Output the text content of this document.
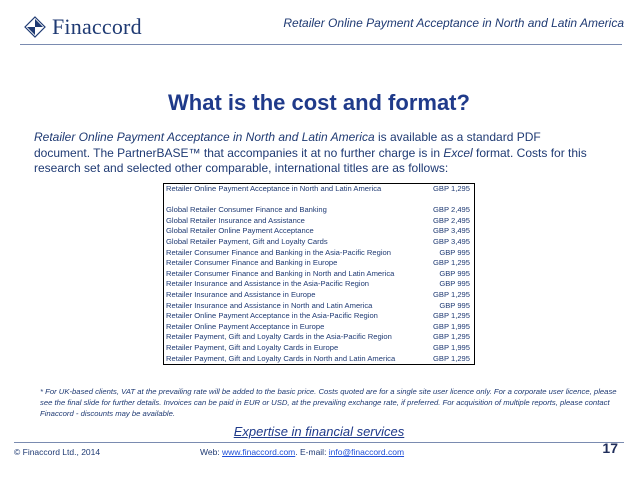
Finaccord	Retailer Online Payment Acceptance in North and Latin America
What is the cost and format?
Retailer Online Payment Acceptance in North and Latin America is available as a standard PDF document. The PartnerBASE™ that accompanies it at no further charge is in Excel format. Costs for this research set and selected other comparable, international titles are as follows:
Retailer Online Payment Acceptance in North and Latin America	GBP 1,295

Global Retailer Consumer Finance and Banking	GBP 2,495
Global Retailer Insurance and Assistance	GBP 2,495
Global Retailer Online Payment Acceptance	GBP 3,495
Global Retailer Payment, Gift and Loyalty Cards	GBP 3,495
Retailer Consumer Finance and Banking in the Asia-Pacific Region	GBP 995
Retailer Consumer Finance and Banking in Europe	GBP 1,295
Retailer Consumer Finance and Banking in North and Latin America	GBP 995
Retailer Insurance and Assistance in the Asia-Pacific Region	GBP 995
Retailer Insurance and Assistance in Europe	GBP 1,295
Retailer Insurance and Assistance in North and Latin America	GBP 995
Retailer Online Payment Acceptance in the Asia-Pacific Region	GBP 1,295
Retailer Online Payment Acceptance in Europe	GBP 1,995
Retailer Payment, Gift and Loyalty Cards in the Asia-Pacific Region	GBP 1,295
Retailer Payment, Gift and Loyalty Cards in Europe	GBP 1,995
Retailer Payment, Gift and Loyalty Cards in North and Latin America	GBP 1,295
* For UK-based clients, VAT at the prevailing rate will be added to the basic price. Costs quoted are for a single site user licence only. For a corporate user licence, please see the final slide for further details. Invoices can be paid in EUR or USD, at the prevailing exchange rate, if preferred. For acquisition of multiple reports, please contact Finaccord - discounts may be available.
Expertise in financial services
© Finaccord Ltd., 2014	Web: www.finaccord.com. E-mail: info@finaccord.com	17
